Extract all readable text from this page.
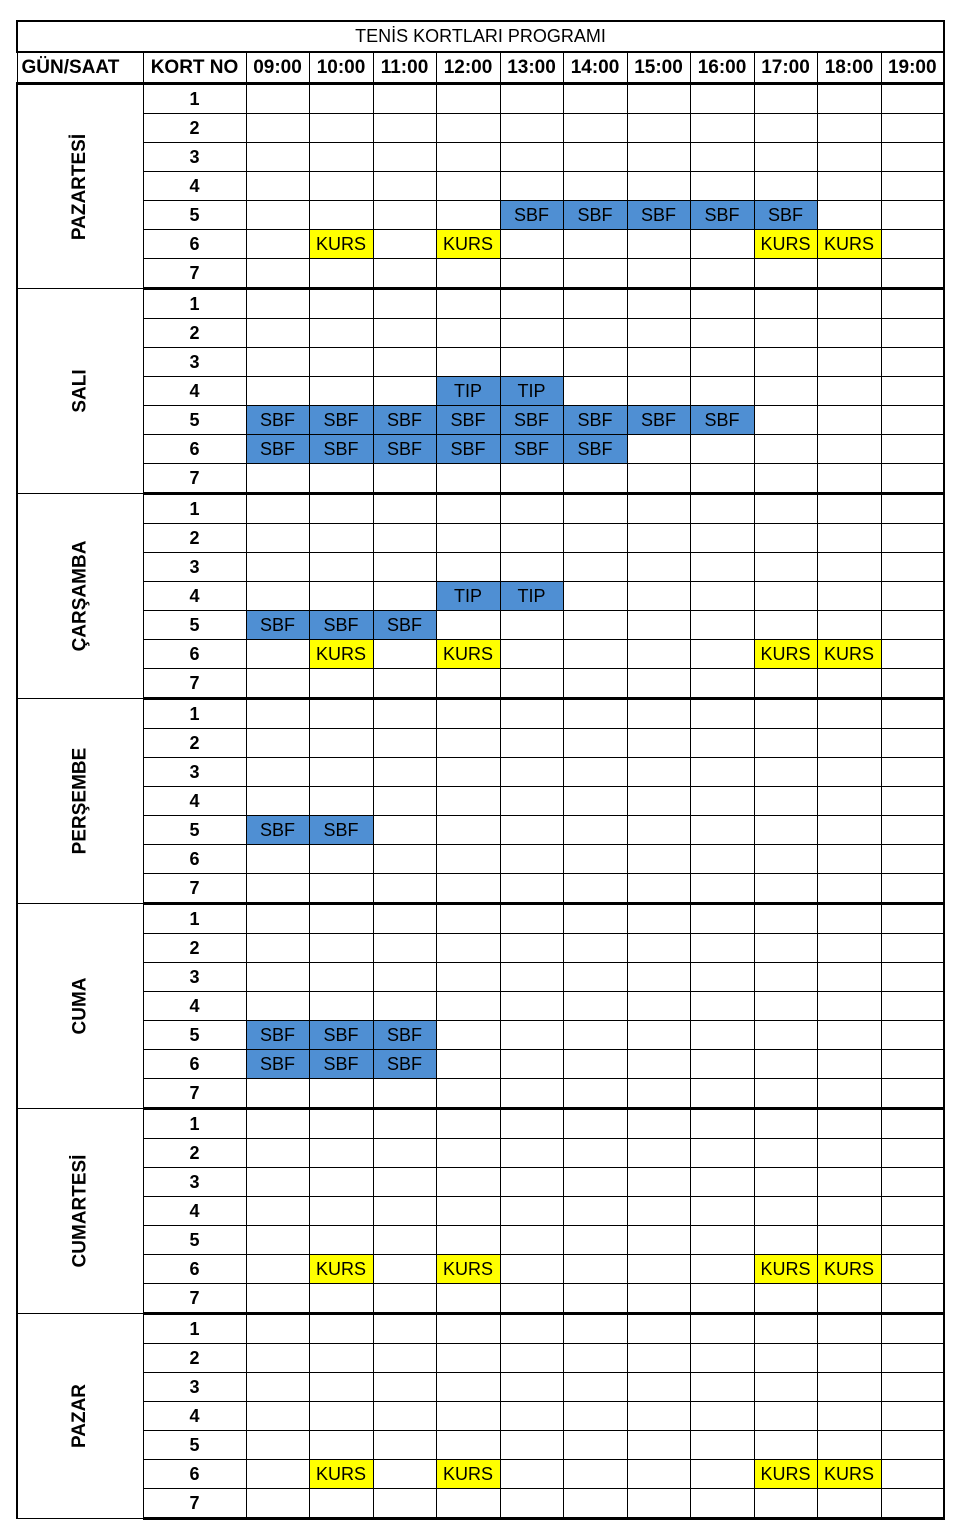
TENİS KORTLARI PROGRAMI												
GÜN/SAAT	KORT NO	09:00	10:00	11:00	12:00	13:00	14:00	15:00	16:00	17:00	18:00	19:00
PAZARTESİ	1											
	2											
	3											
	4											
	5					SBF	SBF	SBF	SBF	SBF		
	6		KURS		KURS					KURS	KURS	
	7											
SALI	1											
	2											
	3											
	4				TIP	TIP						
	5	SBF	SBF	SBF	SBF	SBF	SBF	SBF	SBF			
	6	SBF	SBF	SBF	SBF	SBF	SBF					
	7											
ÇARŞAMBA	1											
	2											
	3											
	4				TIP	TIP						
	5	SBF	SBF	SBF								
	6		KURS		KURS					KURS	KURS	
	7											
PERŞEMBE	1											
	2											
	3											
	4											
	5	SBF	SBF									
	6											
	7											
CUMA	1											
	2											
	3											
	4											
	5	SBF	SBF	SBF								
	6	SBF	SBF	SBF								
	7											
CUMARTESİ	1											
	2											
	3											
	4											
	5											
	6		KURS		KURS					KURS	KURS	
	7											
PAZAR	1											
	2											
	3											
	4											
	5											
	6		KURS		KURS					KURS	KURS	
	7											
